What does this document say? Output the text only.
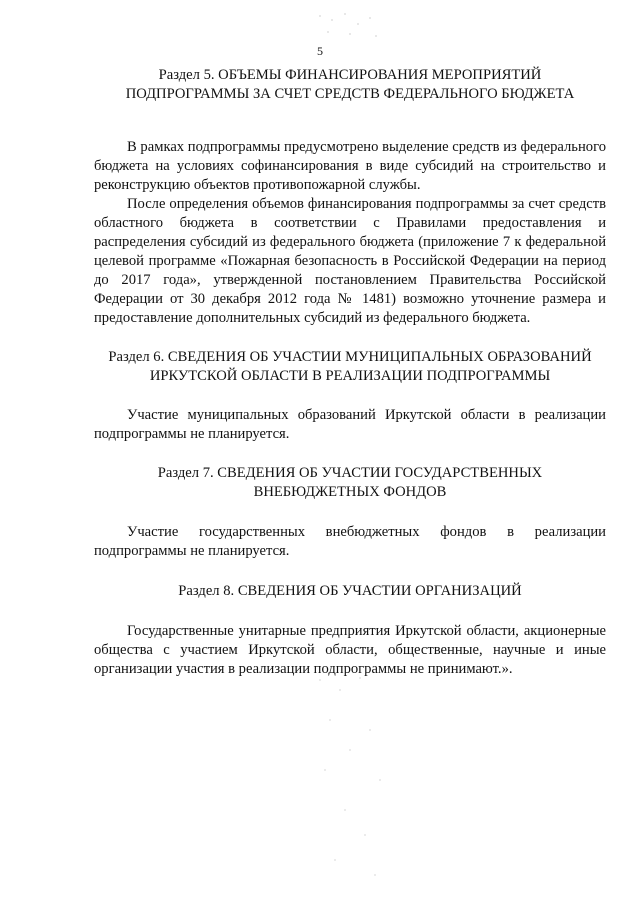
5
Раздел 5. ОБЪЕМЫ ФИНАНСИРОВАНИЯ МЕРОПРИЯТИЙ
ПОДПРОГРАММЫ ЗА СЧЕТ СРЕДСТВ ФЕДЕРАЛЬНОГО БЮДЖЕТА

В рамках подпрограммы предусмотрено выделение средств из федерального бюджета на условиях софинансирования в виде субсидий на строительство и реконструкцию объектов противопожарной службы.

После определения объемов финансирования подпрограммы за счет средств областного бюджета в соответствии с Правилами предоставления и распределения субсидий из федерального бюджета (приложение 7 к федеральной целевой программе «Пожарная безопасность в Российской Федерации на период до 2017 года», утвержденной постановлением Правительства Российской Федерации от 30 декабря 2012 года № 1481) возможно уточнение размера и предоставление дополнительных субсидий из федерального бюджета.

Раздел 6. СВЕДЕНИЯ ОБ УЧАСТИИ МУНИЦИПАЛЬНЫХ ОБРАЗОВАНИЙ
ИРКУТСКОЙ ОБЛАСТИ В РЕАЛИЗАЦИИ ПОДПРОГРАММЫ

Участие муниципальных образований Иркутской области в реализации подпрограммы не планируется.

Раздел 7. СВЕДЕНИЯ ОБ УЧАСТИИ ГОСУДАРСТВЕННЫХ
ВНЕБЮДЖЕТНЫХ ФОНДОВ

Участие государственных внебюджетных фондов в реализации подпрограммы не планируется.

Раздел 8. СВЕДЕНИЯ ОБ УЧАСТИИ ОРГАНИЗАЦИЙ

Государственные унитарные предприятия Иркутской области, акционерные общества с участием Иркутской области, общественные, научные и иные организации участия в реализации подпрограммы не принимают.».
